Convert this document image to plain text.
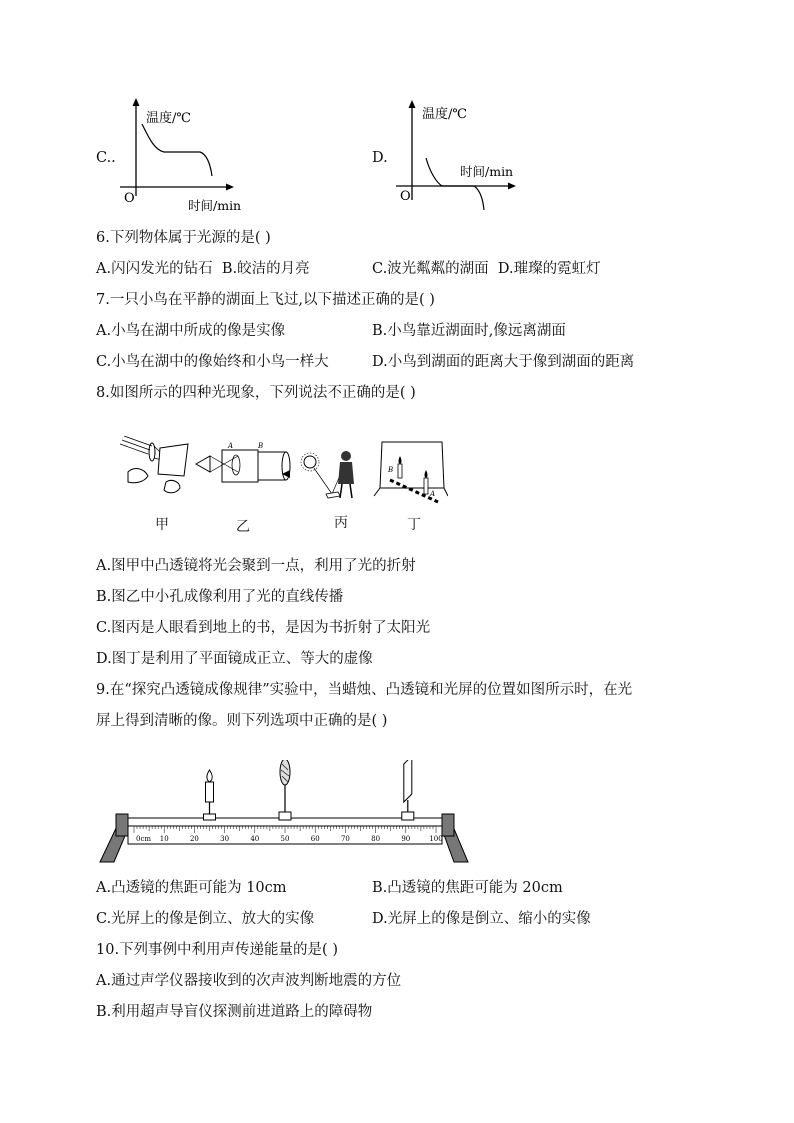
C..
温度/℃
O	时间/min
D.
温度/℃
O
时间/min
6.下列物体属于光源的是( )
A.闪闪发光的钻石 B.皎洁的月亮	C.波光粼粼的湖面 D.璀璨的霓虹灯
7.一只小鸟在平静的湖面上飞过,以下描述正确的是( )
A.小鸟在湖中所成的像是实像	B.小鸟靠近湖面时,像远离湖面
C.小鸟在湖中的像始终和小鸟一样大	D.小鸟到湖面的距离大于像到湖面的距离
8.如图所示的四种光现象，下列说法不正确的是( )
A	B
B
A
甲	乙	丙	丁
A.图甲中凸透镜将光会聚到一点，利用了光的折射
B.图乙中小孔成像利用了光的直线传播
C.图丙是人眼看到地上的书，是因为书折射了太阳光
D.图丁是利用了平面镜成正立、等大的虚像
9.在“探究凸透镜成像规律”实验中，当蜡烛、凸透镜和光屏的位置如图所示时，在光
屏上得到清晰的像。则下列选项中正确的是( )
0cm 10	20	30	40	50	60	70	80	90	100
A.凸透镜的焦距可能为 10cm	B.凸透镜的焦距可能为 20cm
C.光屏上的像是倒立、放大的实像	D.光屏上的像是倒立、缩小的实像
10.下列事例中利用声传递能量的是( )
A.通过声学仪器接收到的次声波判断地震的方位
B.利用超声导盲仪探测前进道路上的障碍物
